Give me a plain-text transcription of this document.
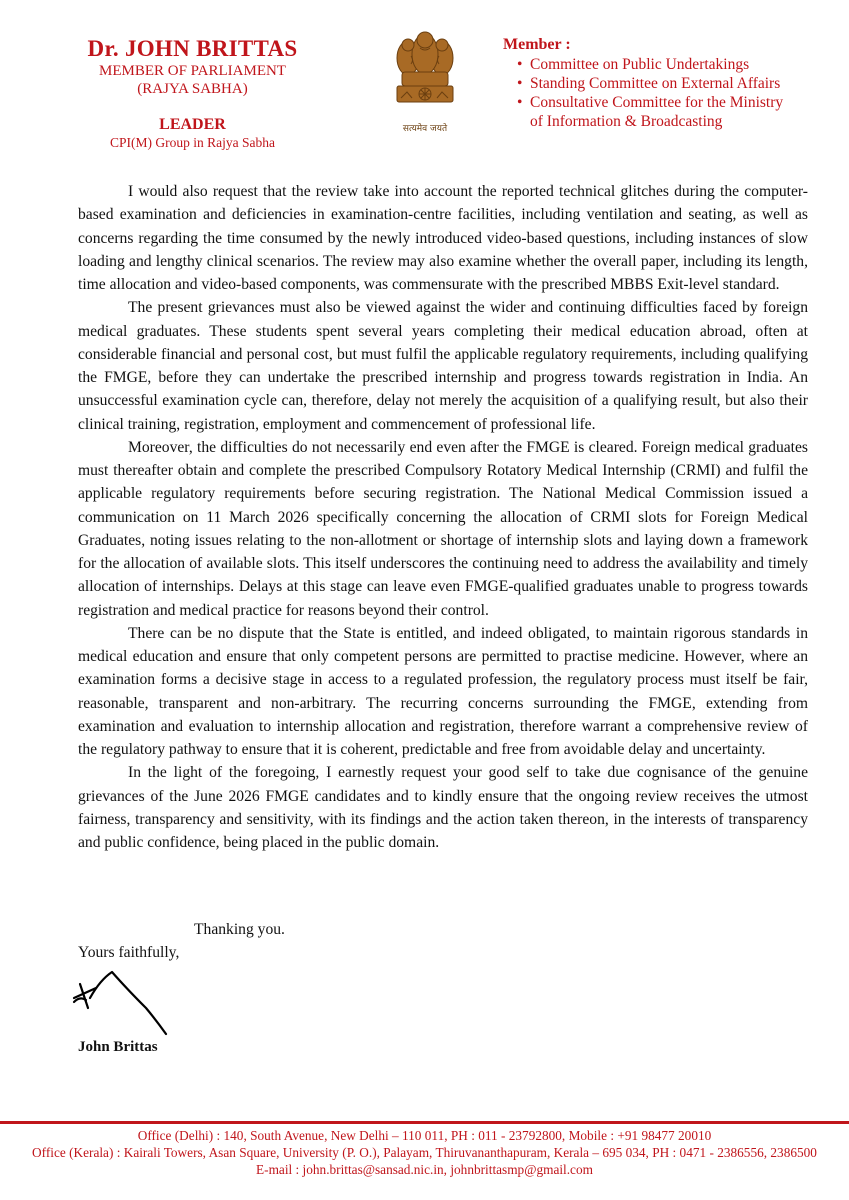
Dr. JOHN BRITTAS
MEMBER OF PARLIAMENT
(RAJYA SABHA)
LEADER
CPI(M) Group in Rajya Sabha
सत्यमेव जयते
Member :
• Committee on Public Undertakings
• Standing Committee on External Affairs
• Consultative Committee for the Ministry
of Information & Broadcasting

I would also request that the review take into account the reported technical glitches during the computer-based examination and deficiencies in examination-centre facilities, including ventilation and seating, as well as concerns regarding the time consumed by the newly introduced video-based questions, including instances of slow loading and lengthy clinical scenarios. The review may also examine whether the overall paper, including its length, time allocation and video-based components, was commensurate with the prescribed MBBS Exit-level standard.

The present grievances must also be viewed against the wider and continuing difficulties faced by foreign medical graduates. These students spent several years completing their medical education abroad, often at considerable financial and personal cost, but must fulfil the applicable regulatory requirements, including qualifying the FMGE, before they can undertake the prescribed internship and progress towards registration in India. An unsuccessful examination cycle can, therefore, delay not merely the acquisition of a qualifying result, but also their clinical training, registration, employment and commencement of professional life.

Moreover, the difficulties do not necessarily end even after the FMGE is cleared. Foreign medical graduates must thereafter obtain and complete the prescribed Compulsory Rotatory Medical Internship (CRMI) and fulfil the applicable regulatory requirements before securing registration. The National Medical Commission issued a communication on 11 March 2026 specifically concerning the allocation of CRMI slots for Foreign Medical Graduates, noting issues relating to the non-allotment or shortage of internship slots and laying down a framework for the allocation of available slots. This itself underscores the continuing need to address the availability and timely allocation of internships. Delays at this stage can leave even FMGE-qualified graduates unable to progress towards registration and medical practice for reasons beyond their control.

There can be no dispute that the State is entitled, and indeed obligated, to maintain rigorous standards in medical education and ensure that only competent persons are permitted to practise medicine. However, where an examination forms a decisive stage in access to a regulated profession, the regulatory process must itself be fair, reasonable, transparent and non-arbitrary. The recurring concerns surrounding the FMGE, extending from examination and evaluation to internship allocation and registration, therefore warrant a comprehensive review of the regulatory pathway to ensure that it is coherent, predictable and free from avoidable delay and uncertainty.

In the light of the foregoing, I earnestly request your good self to take due cognisance of the genuine grievances of the June 2026 FMGE candidates and to kindly ensure that the ongoing review receives the utmost fairness, transparency and sensitivity, with its findings and the action taken thereon, in the interests of transparency and public confidence, being placed in the public domain.

Thanking you.
Yours faithfully,
John Brittas
Office (Delhi) : 140, South Avenue, New Delhi – 110 011, PH : 011 - 23792800, Mobile : +91 98477 20010
Office (Kerala) : Kairali Towers, Asan Square, University (P. O.), Palayam, Thiruvananthapuram, Kerala – 695 034, PH : 0471 - 2386556, 2386500
E-mail : john.brittas@sansad.nic.in, johnbrittasmp@gmail.com
